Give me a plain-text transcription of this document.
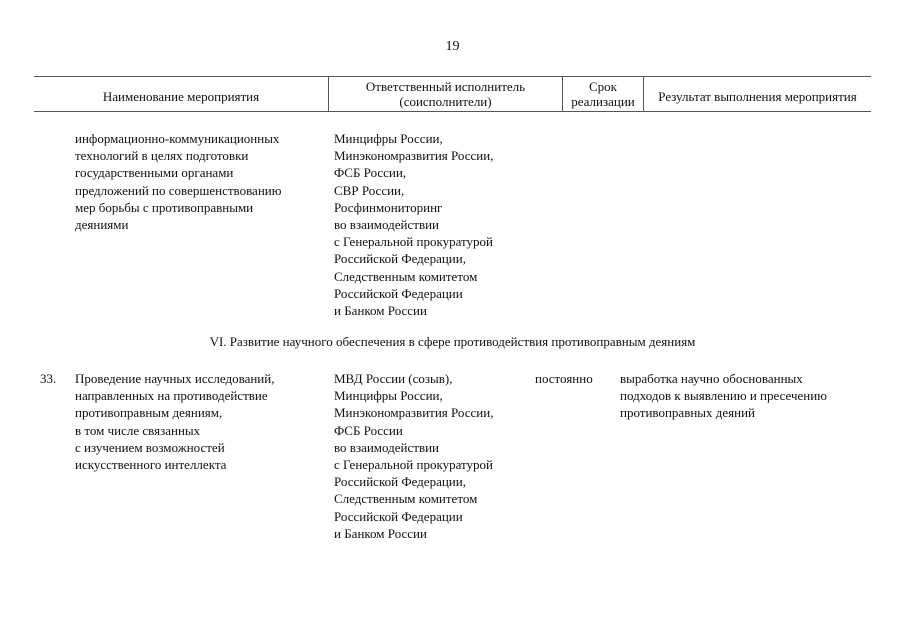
19
Наименование мероприятия
Ответственный исполнитель
(соисполнители)
Срок
реализации	Результат выполнения мероприятия
информационно-коммуникационных
технологий в целях подготовки
государственными органами
предложений по совершенствованию
мер борьбы с противоправными
деяниями
Минцифры России,
Минэкономразвития России,
ФСБ России,
СВР России,
Росфинмониторинг
во взаимодействии
с Генеральной прокуратурой
Российской Федерации,
Следственным комитетом
Российской Федерации
и Банком России
VI. Развитие научного обеспечения в сфере противодействия противоправным деяниям
33. Проведение научных исследований,
направленных на противодействие
противоправным деяниям,
в том числе связанных
с изучением возможностей
искусственного интеллекта
МВД России (созыв),
Минцифры России,
Минэкономразвития России,
ФСБ России
во взаимодействии
с Генеральной прокуратурой
Российской Федерации,
Следственным комитетом
Российской Федерации
и Банком России
постоянно выработка научно обоснованных
подходов к выявлению и пресечению
противоправных деяний
